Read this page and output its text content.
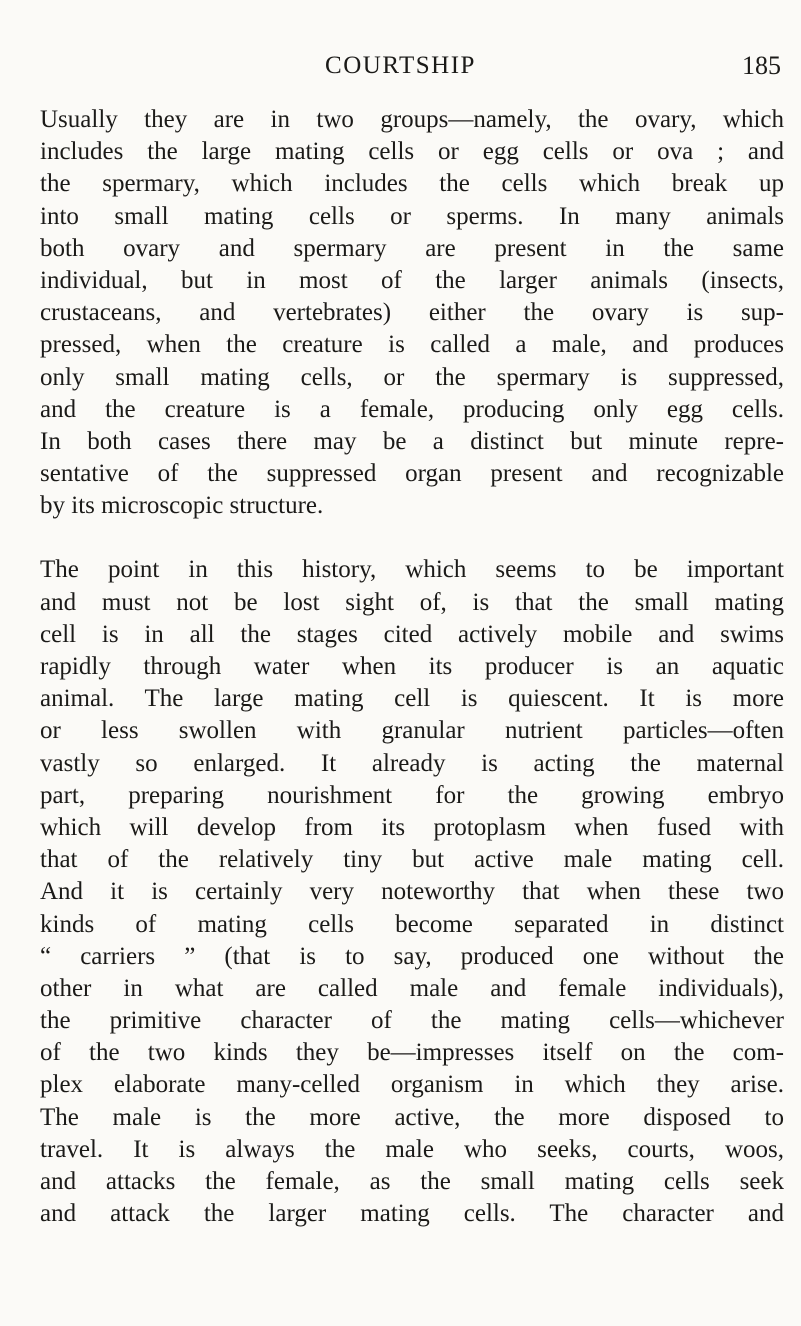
COURTSHIP	185
Usually they are in two groups—namely, the ovary, which
includes the large mating cells or egg cells or ova ; and
the spermary, which includes the cells which break up
into small mating cells or sperms. In many animals
both ovary and spermary are present in the same
individual, but in most of the larger animals (insects,
crustaceans, and vertebrates) either the ovary is sup-
pressed, when the creature is called a male, and produces
only small mating cells, or the spermary is suppressed,
and the creature is a female, producing only egg cells.
In both cases there may be a distinct but minute repre-
sentative of the suppressed organ present and recognizable
by its microscopic structure.
The point in this history, which seems to be important
and must not be lost sight of, is that the small mating
cell is in all the stages cited actively mobile and swims
rapidly through water when its producer is an aquatic
animal. The large mating cell is quiescent. It is more
or less swollen with granular nutrient particles—often
vastly so enlarged. It already is acting the maternal
part, preparing nourishment for the growing embryo
which will develop from its protoplasm when fused with
that of the relatively tiny but active male mating cell.
And it is certainly very noteworthy that when these two
kinds of mating cells become separated in distinct
“ carriers ” (that is to say, produced one without the
other in what are called male and female individuals),
the primitive character of the mating cells—whichever
of the two kinds they be—impresses itself on the com-
plex elaborate many-celled organism in which they arise.
The male is the more active, the more disposed to
travel. It is always the male who seeks, courts, woos,
and attacks the female, as the small mating cells seek
and attack the larger mating cells. The character and
